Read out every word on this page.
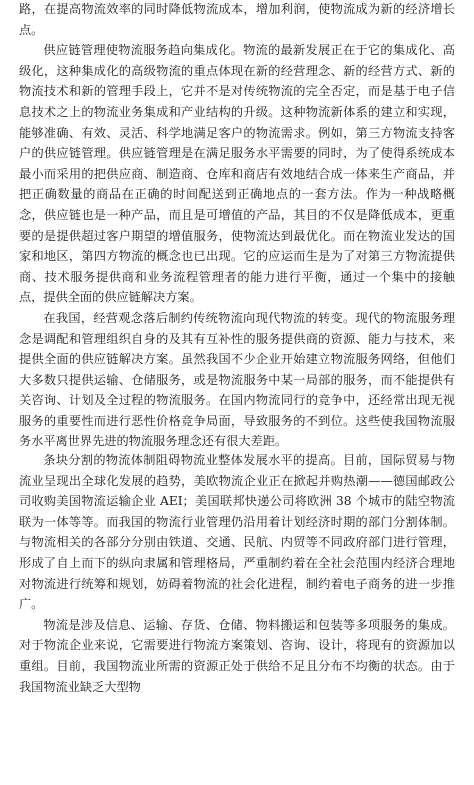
路，在提高物流效率的同时降低物流成本，增加利润，使物流成为新的经济增长点。

供应链管理使物流服务趋向集成化。物流的最新发展正在于它的集成化、高级化，这种集成化的高级物流的重点体现在新的经营理念、新的经营方式、新的物流技术和新的管理手段上，它并不是对传统物流的完全否定，而是基于电子信息技术之上的物流业务集成和产业结构的升级。这种物流新体系的建立和实现，能够准确、有效、灵活、科学地满足客户的物流需求。例如，第三方物流支持客户的供应链管理。供应链管理是在满足服务水平需要的同时，为了使得系统成本最小而采用的把供应商、制造商、仓库和商店有效地结合成一体来生产商品，并把正确数量的商品在正确的时间配送到正确地点的一套方法。作为一种战略概念，供应链也是一种产品，而且是可增值的产品，其目的不仅是降低成本，更重要的是提供超过客户期望的增值服务，使物流达到最优化。而在物流业发达的国家和地区，第四方物流的概念也已出现。它的应运而生是为了对第三方物流提供商、技术服务提供商和业务流程管理者的能力进行平衡，通过一个集中的接触点，提供全面的供应链解决方案。

在我国，经营观念落后制约传统物流向现代物流的转变。现代的物流服务理念是调配和管理组织自身的及其有互补性的服务提供商的资源、能力与技术，来提供全面的供应链解决方案。虽然我国不少企业开始建立物流服务网络，但他们大多数只提供运输、仓储服务，或是物流服务中某一局部的服务，而不能提供有关咨询、计划及全过程的物流服务。在国内物流同行的竞争中，还经常出现无视服务的重要性而进行恶性价格竞争局面，导致服务的不到位。这些使我国物流服务水平离世界先进的物流服务理念还有很大差距。

条块分割的物流体制阻碍物流业整体发展水平的提高。目前，国际贸易与物流业呈现出全球化发展的趋势，美欧物流企业正在掀起并购热潮——德国邮政公司收购美国物流运输企业 AEI；美国联邦快递公司将欧洲 38 个城市的陆空物流联为一体等等。而我国的物流行业管理仍沿用着计划经济时期的部门分割体制。与物流相关的各部分分别由铁道、交通、民航、内贸等不同政府部门进行管理，形成了自上而下的纵向隶属和管理格局，严重制约着在全社会范围内经济合理地对物流进行统筹和规划，妨碍着物流的社会化进程，制约着电子商务的进一步推广。

物流是涉及信息、运输、存货、仓储、物料搬运和包装等多项服务的集成。对于物流企业来说，它需要进行物流方案策划、咨询、设计，将现有的资源加以重组。目前，我国物流业所需的资源正处于供给不足且分布不均衡的状态。由于我国物流业缺乏大型物
